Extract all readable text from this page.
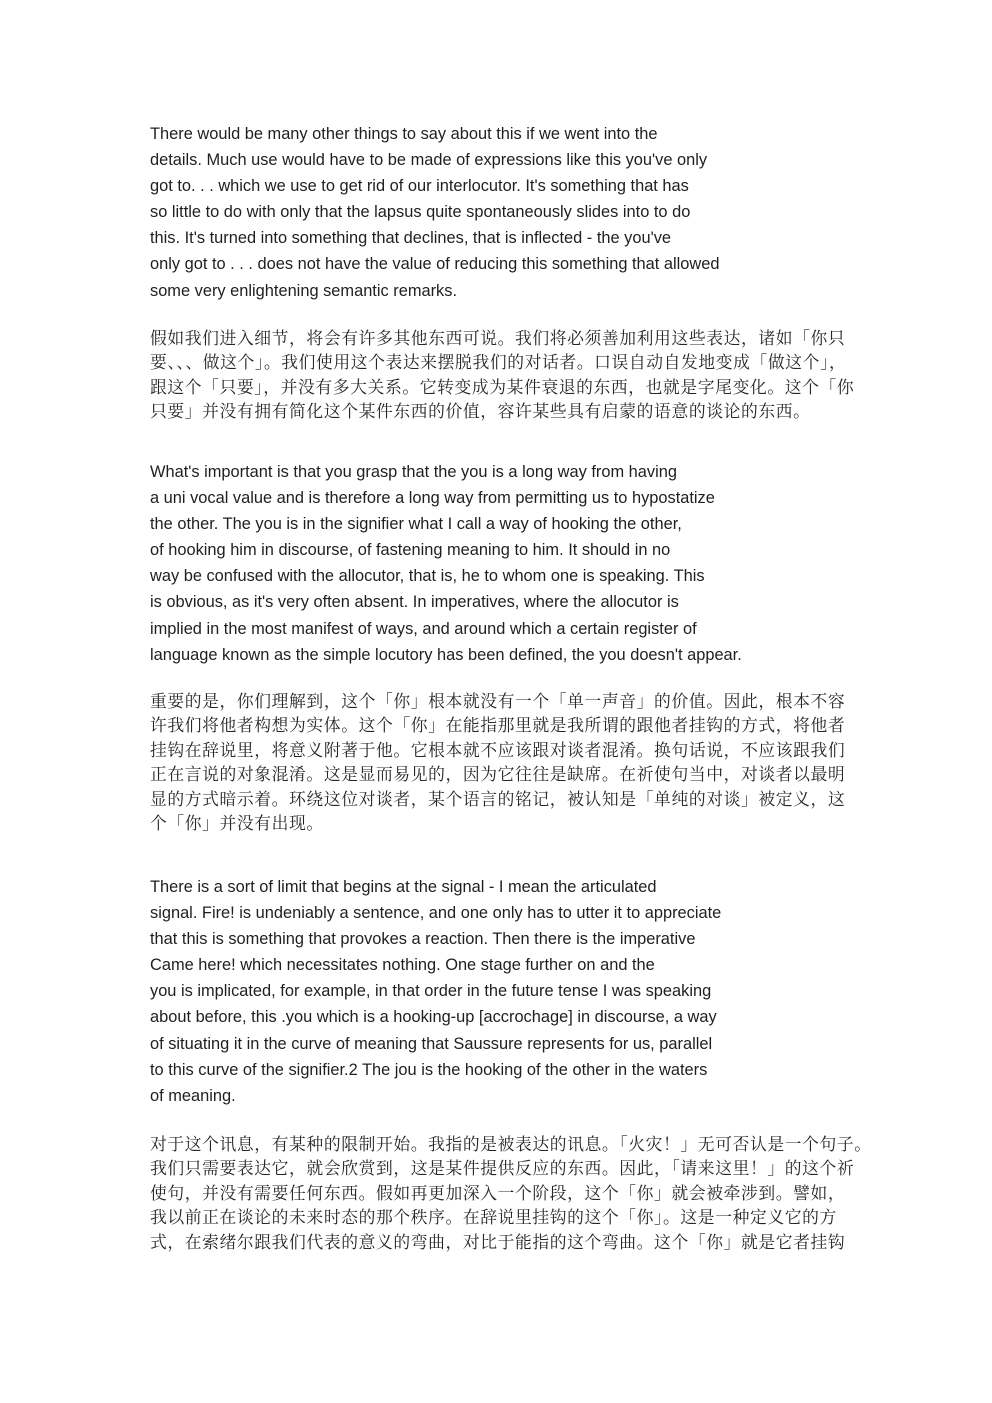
There would be many other things to say about this if we went into the
details. Much use would have to be made of expressions like this you've only
got to. . . which we use to get rid of our interlocutor. It's something that has
so little to do with only that the lapsus quite spontaneously slides into to do
this. It's turned into something that declines, that is inflected - the you've
only got to . . . does not have the value of reducing this something that allowed
some very enlightening semantic remarks.

假如我们进入细节，将会有许多其他东西可说。我们将必须善加利用这些表达，诸如「你只
要、、、做这个」。我们使用这个表达来摆脱我们的对话者。口误自动自发地变成「做这个」，
跟这个「只要」，并没有多大关系。它转变成为某件衰退的东西，也就是字尾变化。这个「你
只要」并没有拥有简化这个某件东西的价值，容许某些具有启蒙的语意的谈论的东西。

What's important is that you grasp that the you is a long way from having
a uni vocal value and is therefore a long way from permitting us to hypostatize
the other. The you is in the signifier what I call a way of hooking the other,
of hooking him in discourse, of fastening meaning to him. It should in no
way be confused with the allocutor, that is, he to whom one is speaking. This
is obvious, as it's very often absent. In imperatives, where the allocutor is
implied in the most manifest of ways, and around which a certain register of
language known as the simple locutory has been defined, the you doesn't appear.

重要的是，你们理解到，这个「你」根本就没有一个「单一声音」的价值。因此，根本不容
许我们将他者构想为实体。这个「你」在能指那里就是我所谓的跟他者挂钩的方式，将他者
挂钩在辞说里，将意义附著于他。它根本就不应该跟对谈者混淆。换句话说，不应该跟我们
正在言说的对象混淆。这是显而易见的，因为它往往是缺席。在祈使句当中，对谈者以最明
显的方式暗示着。环绕这位对谈者，某个语言的铭记，被认知是「单纯的对谈」被定义，这
个「你」并没有出现。

There is a sort of limit that begins at the signal - I mean the articulated
signal. Fire! is undeniably a sentence, and one only has to utter it to appreciate
that this is something that provokes a reaction. Then there is the imperative
Came here! which necessitates nothing. One stage further on and the
you is implicated, for example, in that order in the future tense I was speaking
about before, this .you which is a hooking-up [accrochage] in discourse, a way
of situating it in the curve of meaning that Saussure represents for us, parallel
to this curve of the signifier.2 The jou is the hooking of the other in the waters
of meaning.

对于这个讯息，有某种的限制开始。我指的是被表达的讯息。「火灾！」无可否认是一个句子。
我们只需要表达它，就会欣赏到，这是某件提供反应的东西。因此，「请来这里！」的这个祈
使句，并没有需要任何东西。假如再更加深入一个阶段，这个「你」就会被牵涉到。譬如，
我以前正在谈论的未来时态的那个秩序。在辞说里挂钩的这个「你」。这是一种定义它的方
式，在索绪尔跟我们代表的意义的弯曲，对比于能指的这个弯曲。这个「你」就是它者挂钩
